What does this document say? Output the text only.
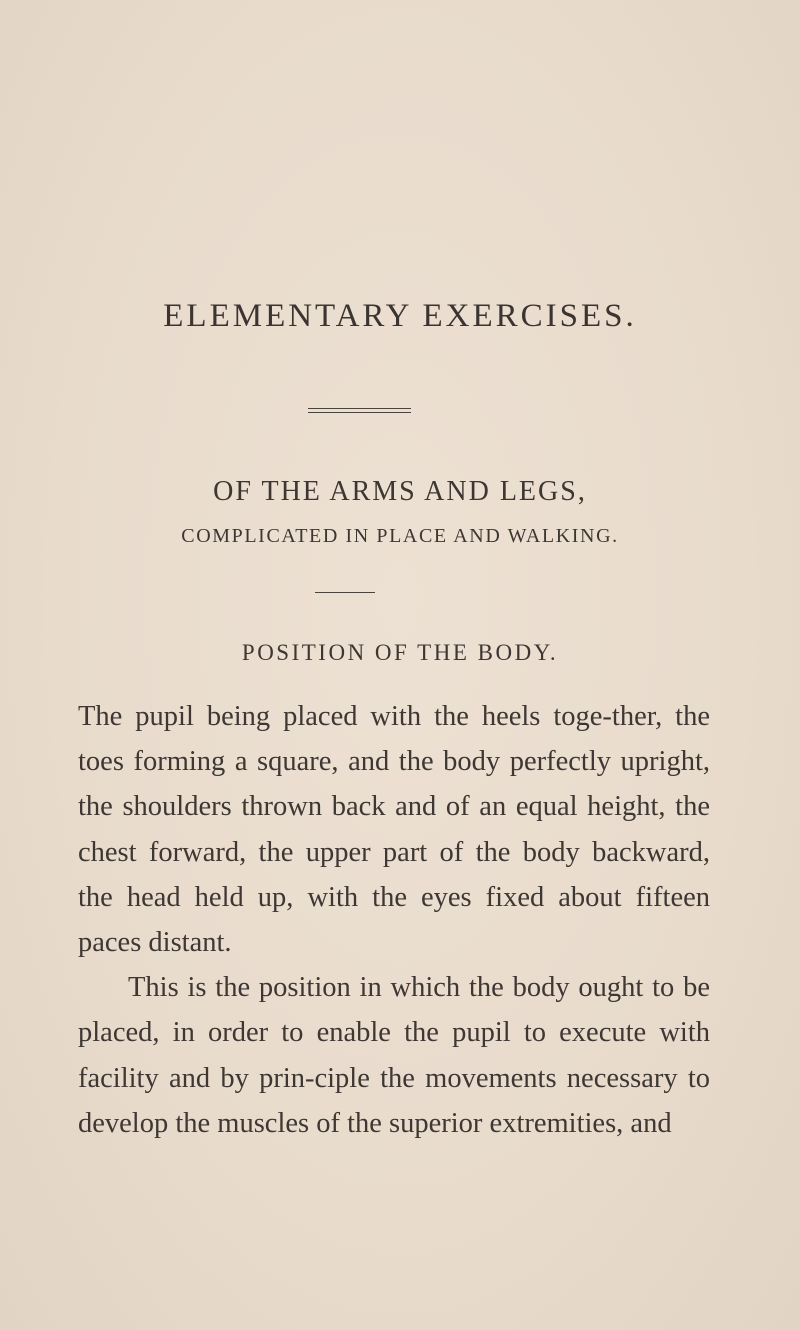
ELEMENTARY EXERCISES.
OF THE ARMS AND LEGS,
COMPLICATED IN PLACE AND WALKING.
POSITION OF THE BODY.

The pupil being placed with the heels toge-ther, the toes forming a square, and the body perfectly upright, the shoulders thrown back and of an equal height, the chest forward, the upper part of the body backward, the head held up, with the eyes fixed about fifteen paces distant.

This is the position in which the body ought to be placed, in order to enable the pupil to execute with facility and by prin-ciple the movements necessary to develop the muscles of the superior extremities, and
